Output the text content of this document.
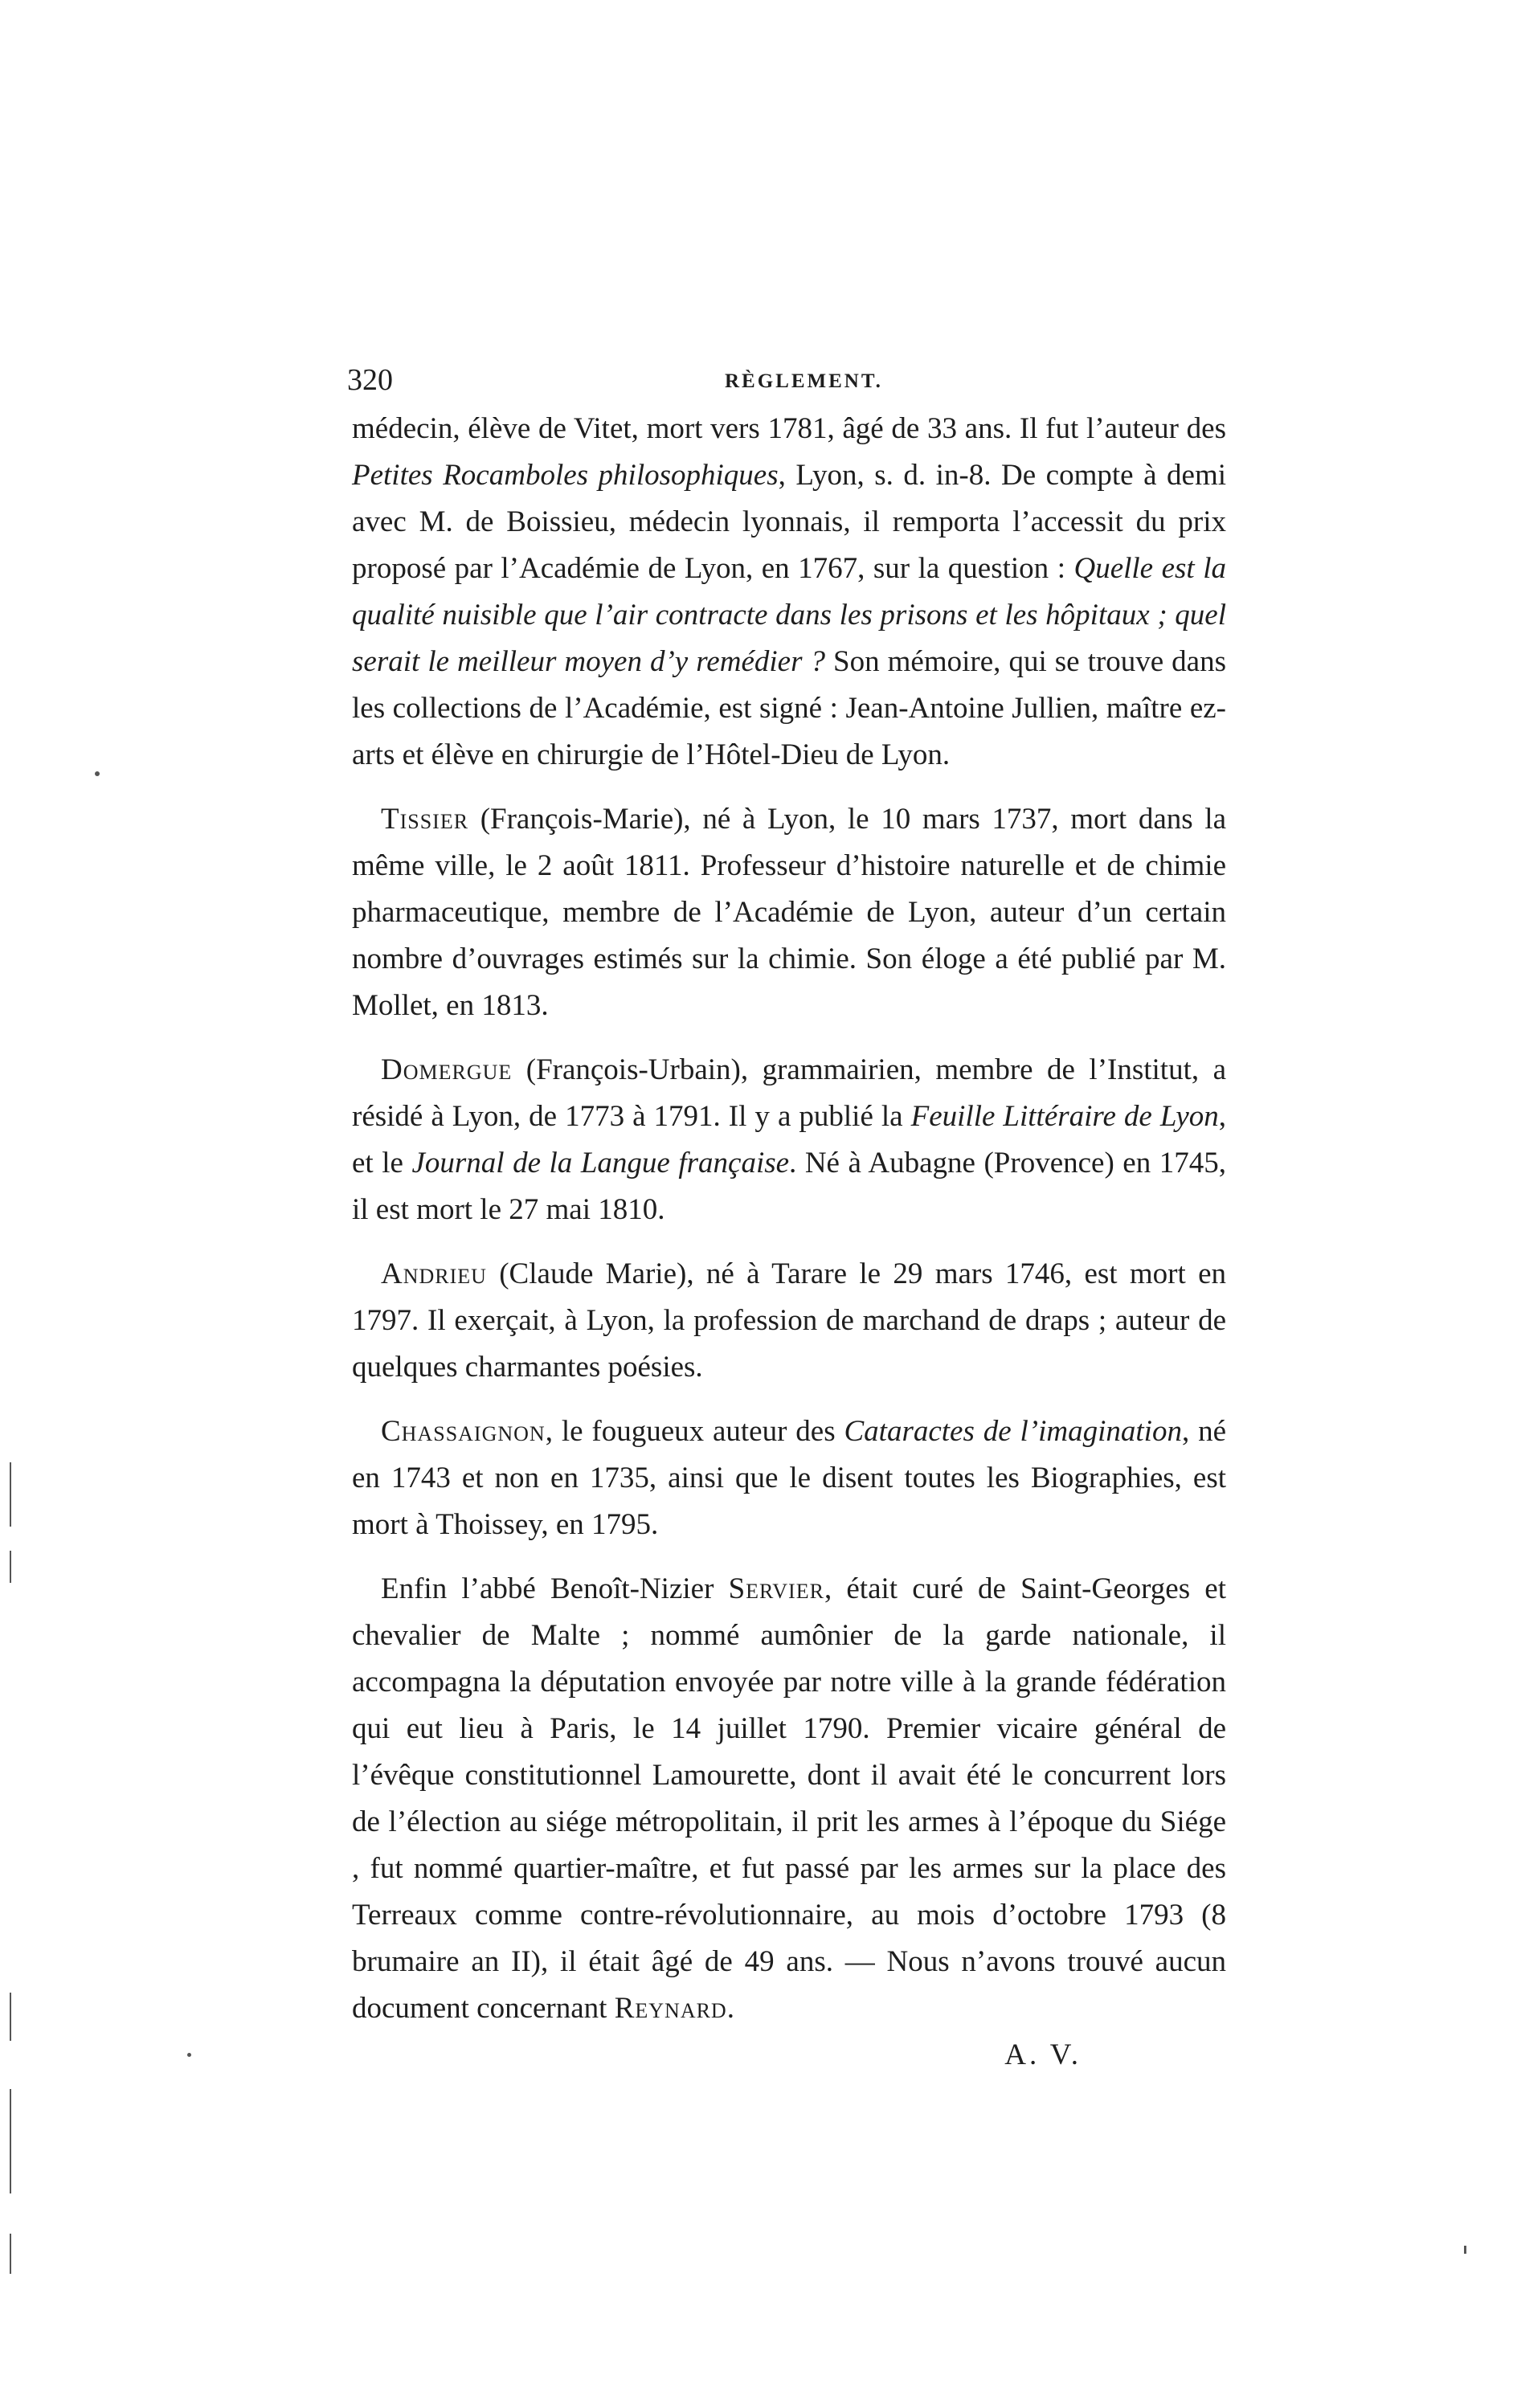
320	RÈGLEMENT.

médecin, élève de Vitet, mort vers 1781, âgé de 33 ans. Il fut l’auteur des Petites Rocamboles philosophiques, Lyon, s. d. in-8. De compte à demi avec M. de Boissieu, médecin lyonnais, il remporta l’accessit du prix proposé par l’Académie de Lyon, en 1767, sur la question : Quelle est la qualité nuisible que l’air contracte dans les prisons et les hôpitaux ; quel serait le meilleur moyen d’y remédier ? Son mémoire, qui se trouve dans les collections de l’Académie, est signé : Jean-Antoine Jullien, maître ez-arts et élève en chirurgie de l’Hôtel-Dieu de Lyon.

Tissier (François-Marie), né à Lyon, le 10 mars 1737, mort dans la même ville, le 2 août 1811. Professeur d’histoire naturelle et de chimie pharmaceutique, membre de l’Académie de Lyon, auteur d’un certain nombre d’ouvrages estimés sur la chimie. Son éloge a été publié par M. Mollet, en 1813.

Domergue (François-Urbain), grammairien, membre de l’Institut, a résidé à Lyon, de 1773 à 1791. Il y a publié la Feuille Littéraire de Lyon, et le Journal de la Langue française. Né à Aubagne (Provence) en 1745, il est mort le 27 mai 1810.

Andrieu (Claude Marie), né à Tarare le 29 mars 1746, est mort en 1797. Il exerçait, à Lyon, la profession de marchand de draps ; auteur de quelques charmantes poésies.

Chassaignon, le fougueux auteur des Cataractes de l’imagination, né en 1743 et non en 1735, ainsi que le disent toutes les Biographies, est mort à Thoissey, en 1795.

Enfin l’abbé Benoît-Nizier Servier, était curé de Saint-Georges et chevalier de Malte ; nommé aumônier de la garde nationale, il accompagna la députation envoyée par notre ville à la grande fédération qui eut lieu à Paris, le 14 juillet 1790. Premier vicaire général de l’évêque constitutionnel Lamourette, dont il avait été le concurrent lors de l’élection au siége métropolitain, il prit les armes à l’époque du Siége , fut nommé quartier-maître, et fut passé par les armes sur la place des Terreaux comme contre-révolutionnaire, au mois d’octobre 1793 (8 brumaire an II), il était âgé de 49 ans. — Nous n’avons trouvé aucun document concernant Reynard.

A. V.
